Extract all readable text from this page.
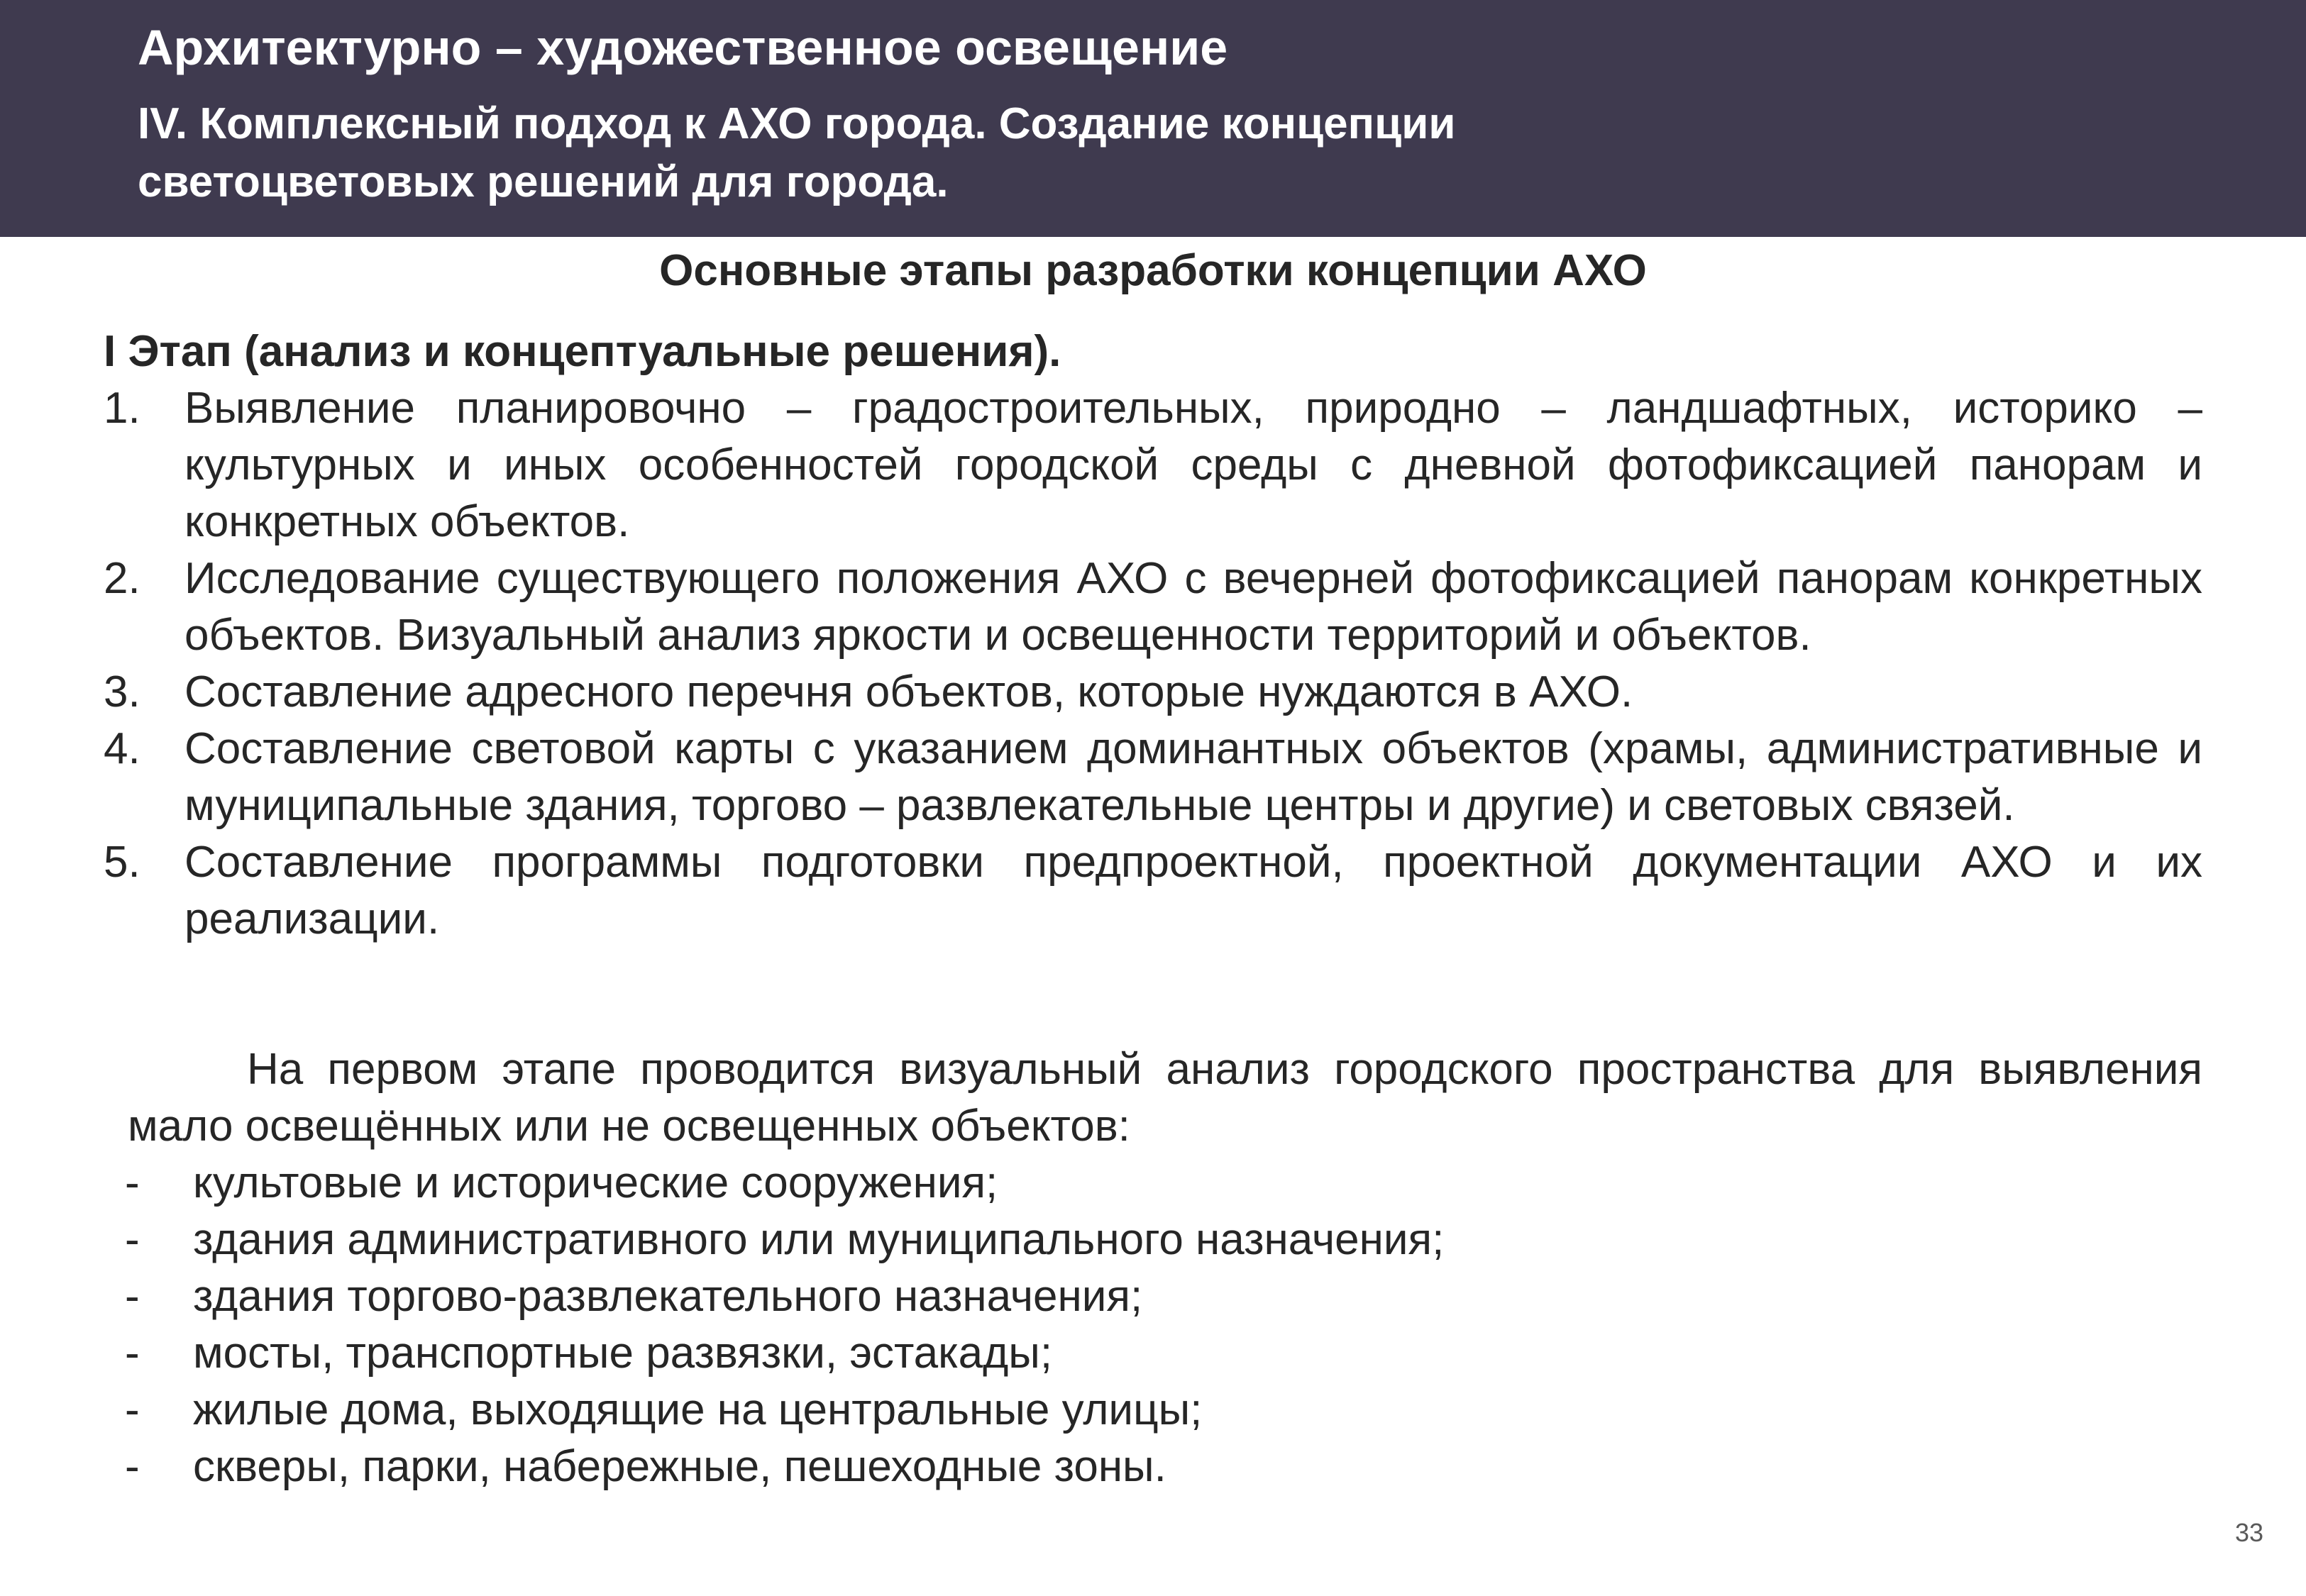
Архитектурно – художественное освещение
IV. Комплексный подход к АХО города. Создание концепции светоцветовых решений для города.
Основные этапы разработки концепции АХО
I Этап (анализ и концептуальные решения).
1. Выявление планировочно – градостроительных, природно – ландшафтных, историко – культурных и иных особенностей городской среды с дневной фотофиксацией панорам и конкретных объектов.
2. Исследование существующего положения АХО с вечерней фотофиксацией панорам конкретных объектов. Визуальный анализ яркости и освещенности территорий и объектов.
3. Составление адресного перечня объектов, которые нуждаются в АХО.
4. Составление световой карты с указанием доминантных объектов (храмы, административные и муниципальные здания, торгово – развлекательные центры и другие) и световых связей.
5. Составление программы подготовки предпроектной, проектной документации АХО и их реализации.

На первом этапе проводится визуальный анализ городского пространства для выявления мало освещённых или не освещенных объектов:

- культовые и исторические сооружения;
- здания административного или муниципального назначения;
- здания торгово-развлекательного назначения;
- мосты, транспортные развязки, эстакады;
- жилые дома, выходящие на центральные улицы;
- скверы, парки, набережные, пешеходные зоны.
33
